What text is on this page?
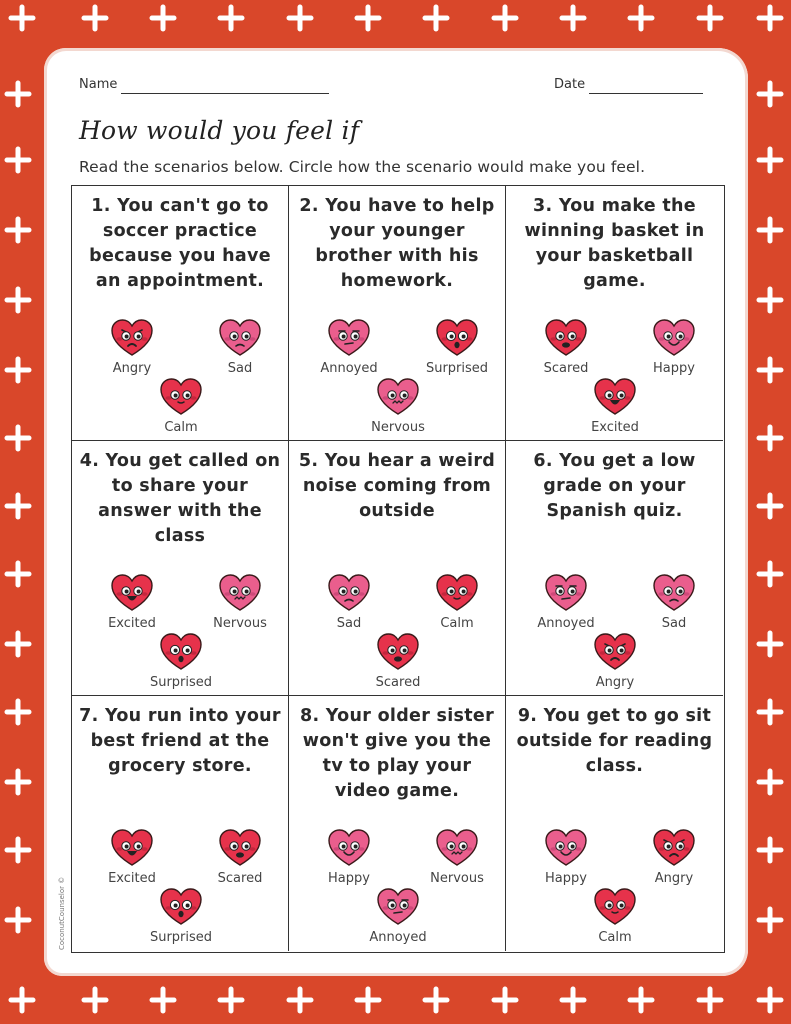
Name	Date
How would you feel if
Read the scenarios below. Circle how the scenario would make you feel.
1. You can't go to soccer practice because you have an appointment.
Angry	Sad
Calm
2. You have to help your younger brother with his homework.
Annoyed	Surprised
Nervous
3. You make the winning basket in your basketball game.
Scared	Happy
Excited
4. You get called on to share your answer with the class
Excited	Nervous
Surprised
5. You hear a weird noise coming from outside
Sad	Calm
Scared
6. You get a low grade on your Spanish quiz.
Annoyed	Sad
Angry
7. You run into your best friend at the grocery store.
Excited	Scared
Surprised
8. Your older sister won't give you the tv to play your video game.
Happy	Nervous
Annoyed
9. You get to go sit outside for reading class.
Happy	Angry
Calm
CoconutCounselor ©
